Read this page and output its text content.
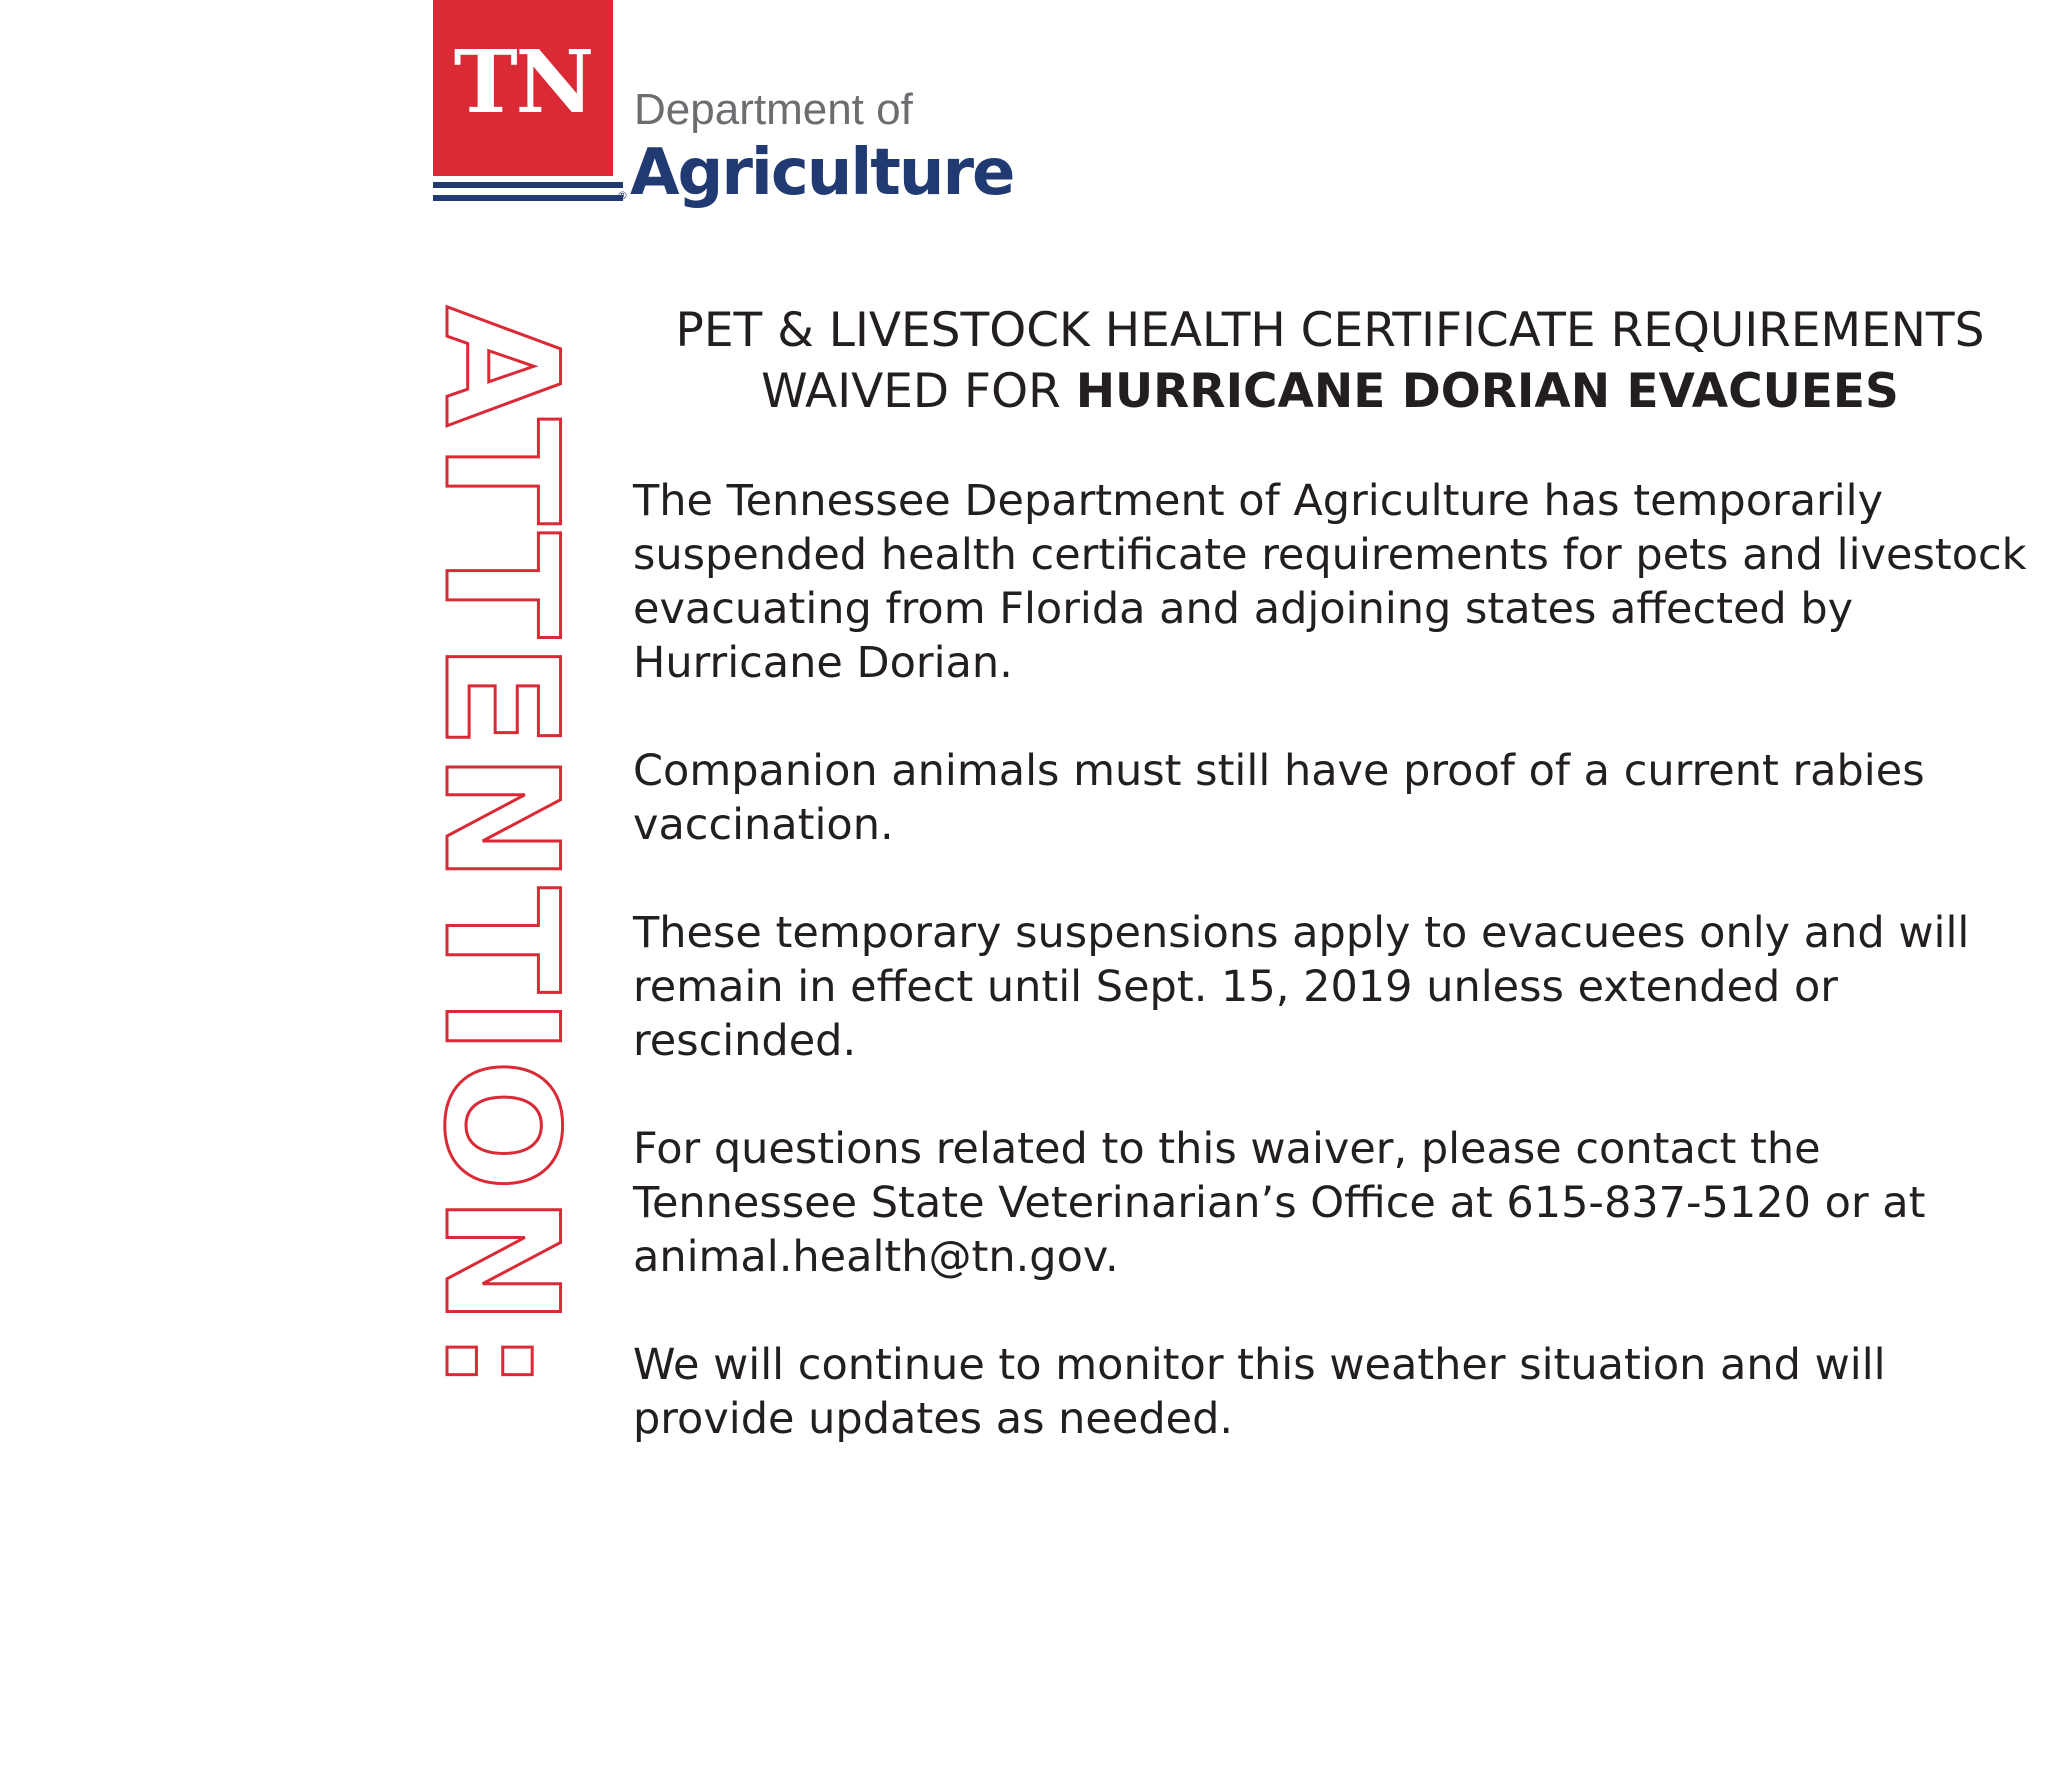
TN
®
Department of
Agriculture
ATTENTION:	PET & LIVESTOCK HEALTH CERTIFICATE REQUIREMENTS
WAIVED FOR HURRICANE DORIAN EVACUEES

The Tennessee Department of Agriculture has temporarily suspended health certificate requirements for pets and livestock evacuating from Florida and adjoining states affected by Hurricane Dorian.

Companion animals must still have proof of a current rabies vaccination.

These temporary suspensions apply to evacuees only and will remain in effect until Sept. 15, 2019 unless extended or rescinded.

For questions related to this waiver, please contact the Tennessee State Veterinarian’s Office at 615-837-5120 or at animal.health@tn.gov.

We will continue to monitor this weather situation and will provide updates as needed.
